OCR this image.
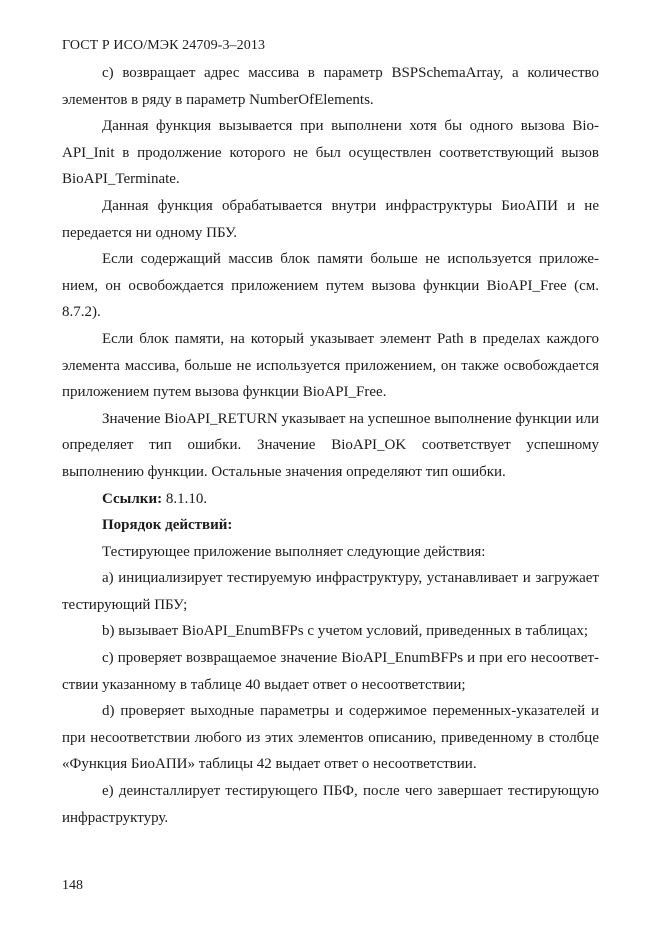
ГОСТ Р ИСО/МЭК 24709-3–2013

c) возвращает адрес массива в параметр BSPSchemaArray, а количество элементов в ряду в параметр NumberOfElements.

Данная функция вызывается при выполнени хотя бы одного вызова BioAPI_Init в продолжение которого не был осуществлен соответствующий вызов BioAPI_Terminate.

Данная функция обрабатывается внутри инфраструктуры БиоАПИ и не передается ни одному ПБУ.

Если содержащий массив блок памяти больше не используется приложением, он освобождается приложением путем вызова функции BioAPI_Free (см. 8.7.2).

Если блок памяти, на который указывает элемент Path в пределах каждого элемента массива, больше не используется приложением, он также освобождается приложением путем вызова функции BioAPI_Free.

Значение BioAPI_RETURN указывает на успешное выполнение функции или определяет тип ошибки. Значение BioAPI_OK соответствует успешному выполнению функции. Остальные значения определяют тип ошибки.

Ссылки: 8.1.10.

Порядок действий:

Тестирующее приложение выполняет следующие действия:

a) инициализирует тестируемую инфраструктуру, устанавливает и загружает тестирующий ПБУ;

b) вызывает BioAPI_EnumBFPs с учетом условий, приведенных в таблицах;

c) проверяет возвращаемое значение BioAPI_EnumBFPs и при его несоответствии указанному в таблице 40 выдает ответ о несоответствии;

d) проверяет выходные параметры и содержимое переменных-указателей и при несоответствии любого из этих элементов описанию, приведенному в столбце «Функция БиоАПИ» таблицы 42 выдает ответ о несоответствии.

e) деинсталлирует тестирующего ПБФ, после чего завершает тестирующую инфраструктуру.

148
